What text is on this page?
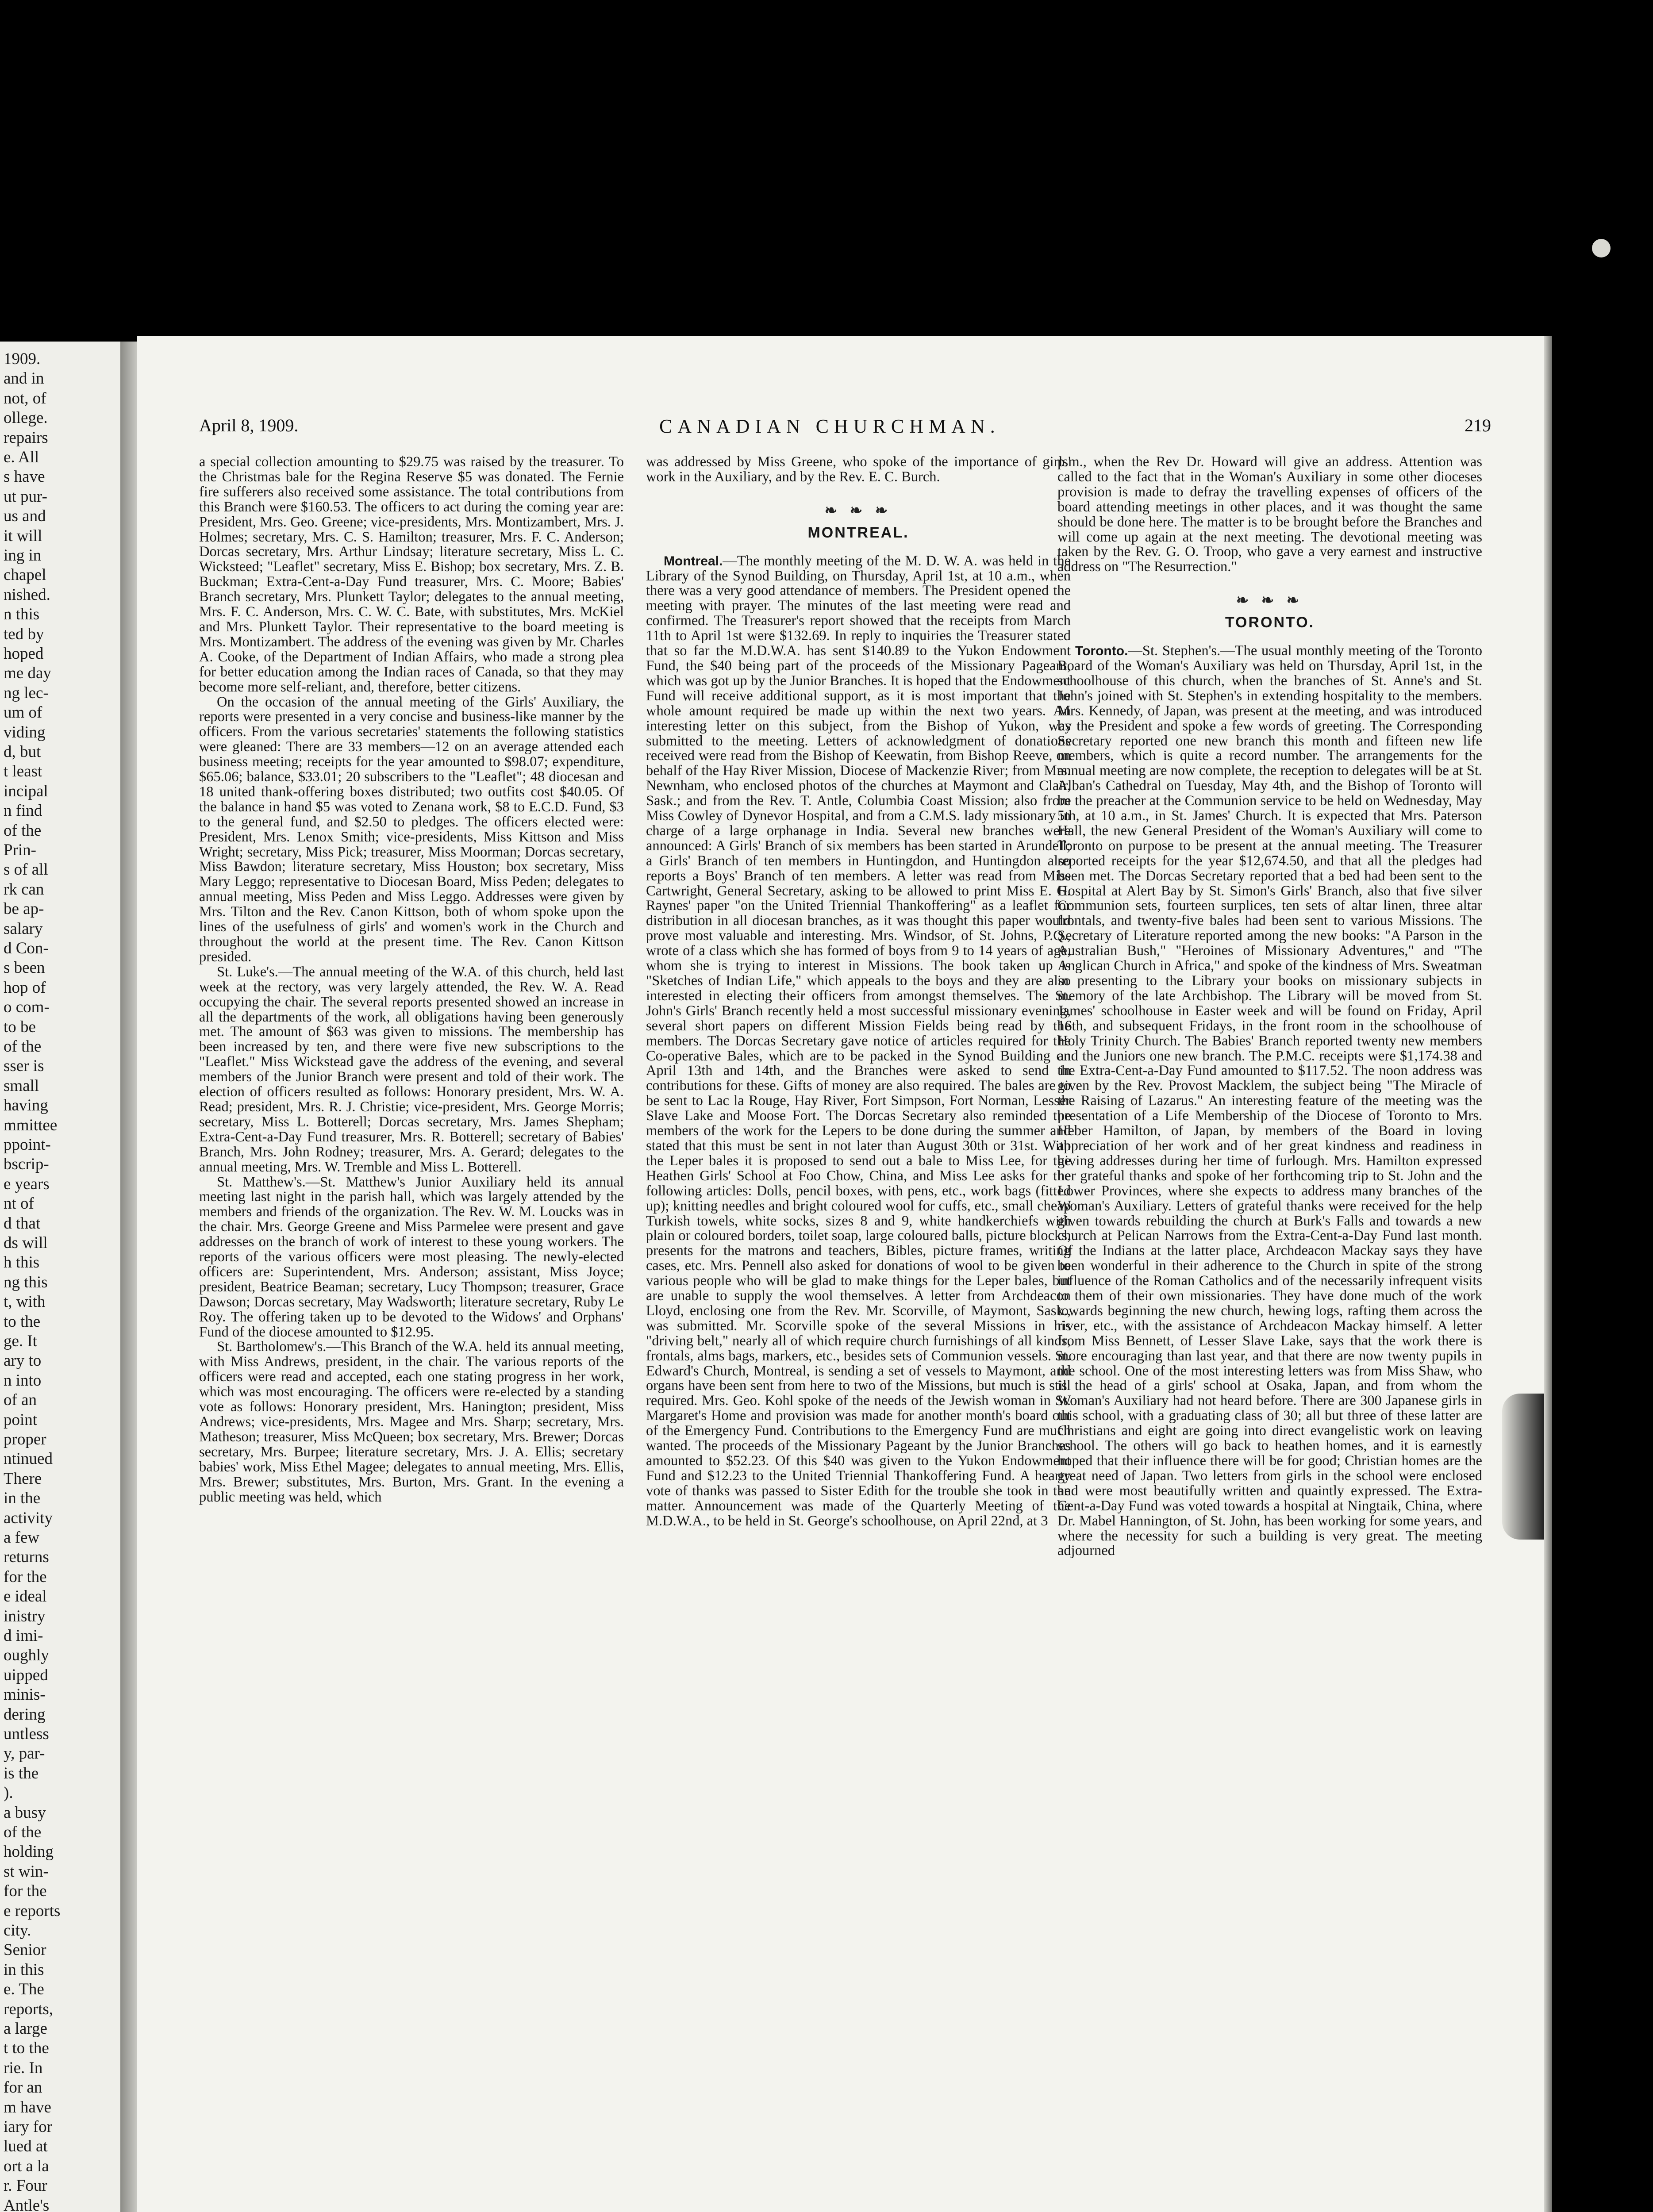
1909.
and in
not, of
ollege.
repairs
e. All
s have
ut pur-
us and
it will
ing in
chapel
nished.
n this
ted by
hoped
me day
ng lec-
um of
viding
d, but
t least
incipal
n find
of the
Prin-
s of all
rk can
be ap-
salary
d Con-
s been
hop of
o com-
to be
of the
sser is
small
having
mmittee
ppoint-
bscrip-
e years
nt of
d that
ds will
h this
ng this
t, with
to the
ge. It
ary to
n into
of an
point
proper
ntinued
There
in the
activity
a few
returns
for the
e ideal
inistry
d imi-
oughly
uipped
minis-
dering
untless
y, par-
is the
).
a busy
of the
holding
st win-
for the
e reports
city.
Senior
in this
e. The
reports,
a large
t to the
rie. In
for an
m have
iary for
lued at
ort a la
r. Four
Antle's
April 8, 1909.	CANADIAN CHURCHMAN.	219

a special collection amounting to $29.75 was raised by the treasurer. To the Christmas bale for the Regina Reserve $5 was donated. The Fernie fire sufferers also received some assistance. The total contributions from this Branch were $160.53. The officers to act during the coming year are: President, Mrs. Geo. Greene; vice-presidents, Mrs. Montizambert, Mrs. J. Holmes; secretary, Mrs. C. S. Hamilton; treasurer, Mrs. F. C. Anderson; Dorcas secretary, Mrs. Arthur Lindsay; literature secretary, Miss L. C. Wicksteed; "Leaflet" secretary, Miss E. Bishop; box secretary, Mrs. Z. B. Buckman; Extra-Cent-a-Day Fund treasurer, Mrs. C. Moore; Babies' Branch secretary, Mrs. Plunkett Taylor; delegates to the annual meeting, Mrs. F. C. Anderson, Mrs. C. W. C. Bate, with substitutes, Mrs. McKiel and Mrs. Plunkett Taylor. Their representative to the board meeting is Mrs. Montizambert. The address of the evening was given by Mr. Charles A. Cooke, of the Department of Indian Affairs, who made a strong plea for better education among the Indian races of Canada, so that they may become more self-reliant, and, therefore, better citizens.

On the occasion of the annual meeting of the Girls' Auxiliary, the reports were presented in a very concise and business-like manner by the officers. From the various secretaries' statements the following statistics were gleaned: There are 33 members—12 on an average attended each business meeting; receipts for the year amounted to $98.07; expenditure, $65.06; balance, $33.01; 20 subscribers to the "Leaflet"; 48 diocesan and 18 united thank-offering boxes distributed; two outfits cost $40.05. Of the balance in hand $5 was voted to Zenana work, $8 to E.C.D. Fund, $3 to the general fund, and $2.50 to pledges. The officers elected were: President, Mrs. Lenox Smith; vice-presidents, Miss Kittson and Miss Wright; secretary, Miss Pick; treasurer, Miss Moorman; Dorcas secretary, Miss Bawdon; literature secretary, Miss Houston; box secretary, Miss Mary Leggo; representative to Diocesan Board, Miss Peden; delegates to annual meeting, Miss Peden and Miss Leggo. Addresses were given by Mrs. Tilton and the Rev. Canon Kittson, both of whom spoke upon the lines of the usefulness of girls' and women's work in the Church and throughout the world at the present time. The Rev. Canon Kittson presided.

St. Luke's.—The annual meeting of the W.A. of this church, held last week at the rectory, was very largely attended, the Rev. W. A. Read occupying the chair. The several reports presented showed an increase in all the departments of the work, all obligations having been generously met. The amount of $63 was given to missions. The membership has been increased by ten, and there were five new subscriptions to the "Leaflet." Miss Wickstead gave the address of the evening, and several members of the Junior Branch were present and told of their work. The election of officers resulted as follows: Honorary president, Mrs. W. A. Read; president, Mrs. R. J. Christie; vice-president, Mrs. George Morris; secretary, Miss L. Botterell; Dorcas secretary, Mrs. James Shepham; Extra-Cent-a-Day Fund treasurer, Mrs. R. Botterell; secretary of Babies' Branch, Mrs. John Rodney; treasurer, Mrs. A. Gerard; delegates to the annual meeting, Mrs. W. Tremble and Miss L. Botterell.

St. Matthew's.—St. Matthew's Junior Auxiliary held its annual meeting last night in the parish hall, which was largely attended by the members and friends of the organization. The Rev. W. M. Loucks was in the chair. Mrs. George Greene and Miss Parmelee were present and gave addresses on the branch of work of interest to these young workers. The reports of the various officers were most pleasing. The newly-elected officers are: Superintendent, Mrs. Anderson; assistant, Miss Joyce; president, Beatrice Beaman; secretary, Lucy Thompson; treasurer, Grace Dawson; Dorcas secretary, May Wadsworth; literature secretary, Ruby Le Roy. The offering taken up to be devoted to the Widows' and Orphans' Fund of the diocese amounted to $12.95.

St. Bartholomew's.—This Branch of the W.A. held its annual meeting, with Miss Andrews, president, in the chair. The various reports of the officers were read and accepted, each one stating progress in her work, which was most encouraging. The officers were re-elected by a standing vote as follows: Honorary president, Mrs. Hanington; president, Miss Andrews; vice-presidents, Mrs. Magee and Mrs. Sharp; secretary, Mrs. Matheson; treasurer, Miss McQueen; box secretary, Mrs. Brewer; Dorcas secretary, Mrs. Burpee; literature secretary, Mrs. J. A. Ellis; secretary babies' work, Miss Ethel Magee; delegates to annual meeting, Mrs. Ellis, Mrs. Brewer; substitutes, Mrs. Burton, Mrs. Grant. In the evening a public meeting was held, which

was addressed by Miss Greene, who spoke of the importance of girls' work in the Auxiliary, and by the Rev. E. C. Burch.

❧ ❧ ❧
MONTREAL.

Montreal.—The monthly meeting of the M. D. W. A. was held in the Library of the Synod Building, on Thursday, April 1st, at 10 a.m., when there was a very good attendance of members. The President opened the meeting with prayer. The minutes of the last meeting were read and confirmed. The Treasurer's report showed that the receipts from March 11th to April 1st were $132.69. In reply to inquiries the Treasurer stated that so far the M.D.W.A. has sent $140.89 to the Yukon Endowment Fund, the $40 being part of the proceeds of the Missionary Pageant, which was got up by the Junior Branches. It is hoped that the Endowment Fund will receive additional support, as it is most important that the whole amount required be made up within the next two years. An interesting letter on this subject, from the Bishop of Yukon, was submitted to the meeting. Letters of acknowledgment of donations received were read from the Bishop of Keewatin, from Bishop Reeve, on behalf of the Hay River Mission, Diocese of Mackenzie River; from Mrs. Newnham, who enclosed photos of the churches at Maymont and Clair, Sask.; and from the Rev. T. Antle, Columbia Coast Mission; also from Miss Cowley of Dynevor Hospital, and from a C.M.S. lady missionary in charge of a large orphanage in India. Several new branches were announced: A Girls' Branch of six members has been started in Arundell; a Girls' Branch of ten members in Huntingdon, and Huntingdon also reports a Boys' Branch of ten members. A letter was read from Miss Cartwright, General Secretary, asking to be allowed to print Miss E. G. Raynes' paper "on the United Triennial Thankoffering" as a leaflet for distribution in all diocesan branches, as it was thought this paper would prove most valuable and interesting. Mrs. Windsor, of St. Johns, P.Q., wrote of a class which she has formed of boys from 9 to 14 years of age, whom she is trying to interest in Missions. The book taken up is "Sketches of Indian Life," which appeals to the boys and they are also interested in electing their officers from amongst themselves. The St. John's Girls' Branch recently held a most successful missionary evening, several short papers on different Mission Fields being read by the members. The Dorcas Secretary gave notice of articles required for the Co-operative Bales, which are to be packed in the Synod Building on April 13th and 14th, and the Branches were asked to send in contributions for these. Gifts of money are also required. The bales are to be sent to Lac la Rouge, Hay River, Fort Simpson, Fort Norman, Lesser Slave Lake and Moose Fort. The Dorcas Secretary also reminded the members of the work for the Lepers to be done during the summer and stated that this must be sent in not later than August 30th or 31st. With the Leper bales it is proposed to send out a bale to Miss Lee, for the Heathen Girls' School at Foo Chow, China, and Miss Lee asks for the following articles: Dolls, pencil boxes, with pens, etc., work bags (fitted up); knitting needles and bright coloured wool for cuffs, etc., small cheap Turkish towels, white socks, sizes 8 and 9, white handkerchiefs with plain or coloured borders, toilet soap, large coloured balls, picture blocks, presents for the matrons and teachers, Bibles, picture frames, writing cases, etc. Mrs. Pennell also asked for donations of wool to be given to various people who will be glad to make things for the Leper bales, but are unable to supply the wool themselves. A letter from Archdeacon Lloyd, enclosing one from the Rev. Mr. Scorville, of Maymont, Sask., was submitted. Mr. Scorville spoke of the several Missions in his "driving belt," nearly all of which require church furnishings of all kinds, frontals, alms bags, markers, etc., besides sets of Communion vessels. St. Edward's Church, Montreal, is sending a set of vessels to Maymont, and organs have been sent from here to two of the Missions, but much is still required. Mrs. Geo. Kohl spoke of the needs of the Jewish woman in St. Margaret's Home and provision was made for another month's board out of the Emergency Fund. Contributions to the Emergency Fund are much wanted. The proceeds of the Missionary Pageant by the Junior Branches amounted to $52.23. Of this $40 was given to the Yukon Endowment Fund and $12.23 to the United Triennial Thankoffering Fund. A hearty vote of thanks was passed to Sister Edith for the trouble she took in the matter. Announcement was made of the Quarterly Meeting of the M.D.W.A., to be held in St. George's schoolhouse, on April 22nd, at 3

p.m., when the Rev Dr. Howard will give an address. Attention was called to the fact that in the Woman's Auxiliary in some other dioceses provision is made to defray the travelling expenses of officers of the board attending meetings in other places, and it was thought the same should be done here. The matter is to be brought before the Branches and will come up again at the next meeting. The devotional meeting was taken by the Rev. G. O. Troop, who gave a very earnest and instructive address on "The Resurrection."

❧ ❧ ❧
TORONTO.

Toronto.—St. Stephen's.—The usual monthly meeting of the Toronto Board of the Woman's Auxiliary was held on Thursday, April 1st, in the schoolhouse of this church, when the branches of St. Anne's and St. John's joined with St. Stephen's in extending hospitality to the members. Mrs. Kennedy, of Japan, was present at the meeting, and was introduced by the President and spoke a few words of greeting. The Corresponding Secretary reported one new branch this month and fifteen new life members, which is quite a record number. The arrangements for the annual meeting are now complete, the reception to delegates will be at St. Alban's Cathedral on Tuesday, May 4th, and the Bishop of Toronto will be the preacher at the Communion service to be held on Wednesday, May 5th, at 10 a.m., in St. James' Church. It is expected that Mrs. Paterson Hall, the new General President of the Woman's Auxiliary will come to Toronto on purpose to be present at the annual meeting. The Treasurer reported receipts for the year $12,674.50, and that all the pledges had been met. The Dorcas Secretary reported that a bed had been sent to the Hospital at Alert Bay by St. Simon's Girls' Branch, also that five silver Communion sets, fourteen surplices, ten sets of altar linen, three altar frontals, and twenty-five bales had been sent to various Missions. The Secretary of Literature reported among the new books: "A Parson in the Australian Bush," "Heroines of Missionary Adventures," and "The Anglican Church in Africa," and spoke of the kindness of Mrs. Sweatman in presenting to the Library your books on missionary subjects in memory of the late Archbishop. The Library will be moved from St. James' schoolhouse in Easter week and will be found on Friday, April 16th, and subsequent Fridays, in the front room in the schoolhouse of Holy Trinity Church. The Babies' Branch reported twenty new members and the Juniors one new branch. The P.M.C. receipts were $1,174.38 and the Extra-Cent-a-Day Fund amounted to $117.52. The noon address was given by the Rev. Provost Macklem, the subject being "The Miracle of the Raising of Lazarus." An interesting feature of the meeting was the presentation of a Life Membership of the Diocese of Toronto to Mrs. Heber Hamilton, of Japan, by members of the Board in loving appreciation of her work and of her great kindness and readiness in giving addresses during her time of furlough. Mrs. Hamilton expressed her grateful thanks and spoke of her forthcoming trip to St. John and the Lower Provinces, where she expects to address many branches of the Woman's Auxiliary. Letters of grateful thanks were received for the help given towards rebuilding the church at Burk's Falls and towards a new church at Pelican Narrows from the Extra-Cent-a-Day Fund last month. Of the Indians at the latter place, Archdeacon Mackay says they have been wonderful in their adherence to the Church in spite of the strong influence of the Roman Catholics and of the necessarily infrequent visits to them of their own missionaries. They have done much of the work towards beginning the new church, hewing logs, rafting them across the river, etc., with the assistance of Archdeacon Mackay himself. A letter from Miss Bennett, of Lesser Slave Lake, says that the work there is more encouraging than last year, and that there are now twenty pupils in the school. One of the most interesting letters was from Miss Shaw, who is the head of a girls' school at Osaka, Japan, and from whom the Woman's Auxiliary had not heard before. There are 300 Japanese girls in this school, with a graduating class of 30; all but three of these latter are Christians and eight are going into direct evangelistic work on leaving school. The others will go back to heathen homes, and it is earnestly hoped that their influence there will be for good; Christian homes are the great need of Japan. Two letters from girls in the school were enclosed and were most beautifully written and quaintly expressed. The Extra-Cent-a-Day Fund was voted towards a hospital at Ningtaik, China, where Dr. Mabel Hannington, of St. John, has been working for some years, and where the necessity for such a building is very great. The meeting adjourned
